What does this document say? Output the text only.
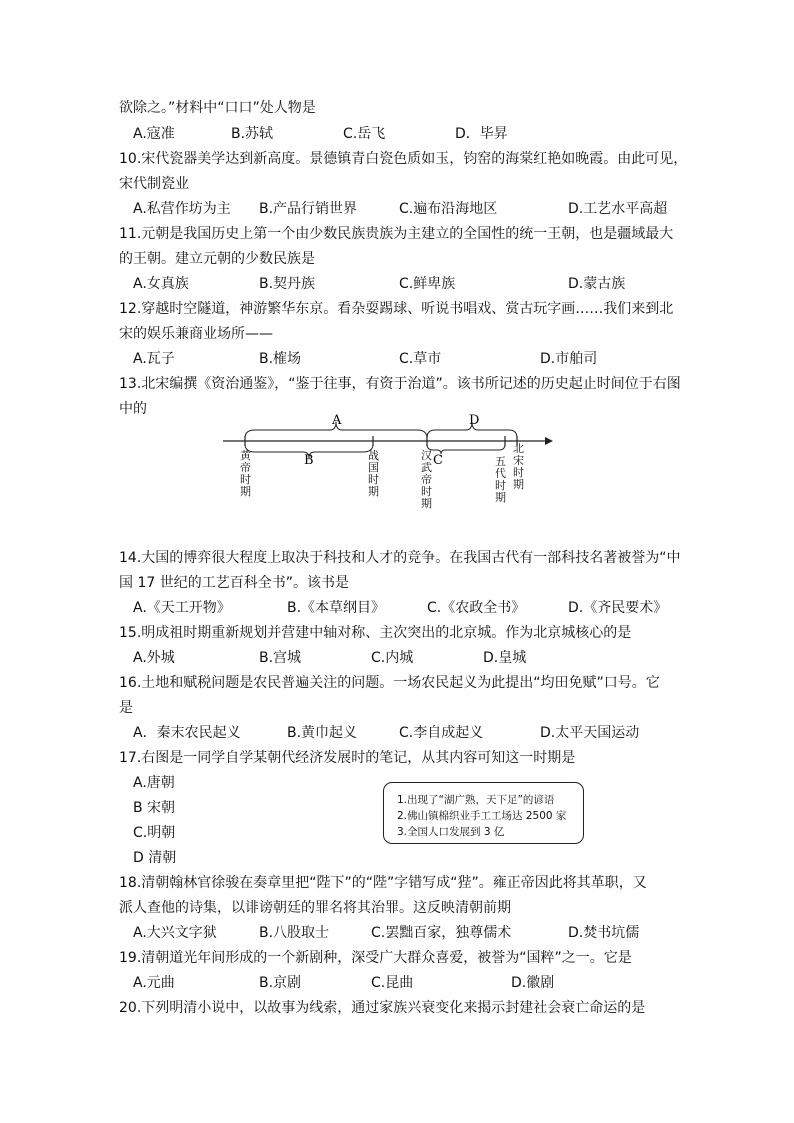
欲除之。”材料中“口口”处人物是
A.寇准	B.苏轼	C.岳飞	D．毕昇
10.宋代瓷器美学达到新高度。景德镇青白瓷色质如玉，钧窑的海棠红艳如晚霞。由此可见，
宋代制瓷业
A.私营作坊为主 B.产品行销世界	C.遍布沿海地区	D.工艺水平高超
11.元朝是我国历史上第一个由少数民族贵族为主建立的全国性的统一王朝，也是疆域最大
的王朝。建立元朝的少数民族是
A.女真族	B.契丹族	C.鲜卑族	D.蒙古族
12.穿越时空隧道，神游繁华东京。看杂耍踢球、听说书唱戏、赏古玩字画……我们来到北
宋的娱乐兼商业场所——
A.瓦子	B.榷场	C.草市	D.市舶司
13.北宋编撰《资治通鉴》，“鉴于往事，有资于治道”。该书所记述的历史起止时间位于右图
中的
A	D
B	C
黄
帝
时
期
战
国
时
期
汉
武
帝
时
期
五
代
时
期
北
宋
时
期
14.大国的博弈很大程度上取决于科技和人才的竞争。在我国古代有一部科技名著被誉为“中
国 17 世纪的工艺百科全书”。该书是
A.《天工开物》	B.《本草纲目》	C.《农政全书》	D.《齐民要术》
15.明成祖时期重新规划并营建中轴对称、主次突出的北京城。作为北京城核心的是
A.外城	B.宫城	C.内城	D.皇城
16.土地和赋税问题是农民普遍关注的问题。一场农民起义为此提出“均田免赋”口号。它
是
A．秦末农民起义	B.黄巾起义	C.李自成起义	D.太平天国运动
17.右图是一同学自学某朝代经济发展时的笔记，从其内容可知这一时期是
A.唐朝
B 宋朝
C.明朝
D 清朝
1.出现了“湖广熟，天下足”的谚语
2.佛山镇棉织业手工工场达 2500 家
3.全国人口发展到 3 亿
18.清朝翰林官徐骏在奏章里把“陛下”的“陛”字错写成“狴”。雍正帝因此将其革职，又
派人查他的诗集，以诽谤朝廷的罪名将其治罪。这反映清朝前期
A.大兴文字狱	B.八股取士	C.罢黜百家，独尊儒术	D.焚书坑儒
19.清朝道光年间形成的一个新剧种，深受广大群众喜爱，被誉为“国粹”之一。它是
A.元曲	B.京剧	C.昆曲	D.徽剧
20.下列明清小说中，以故事为线索，通过家族兴衰变化来揭示封建社会衰亡命运的是
